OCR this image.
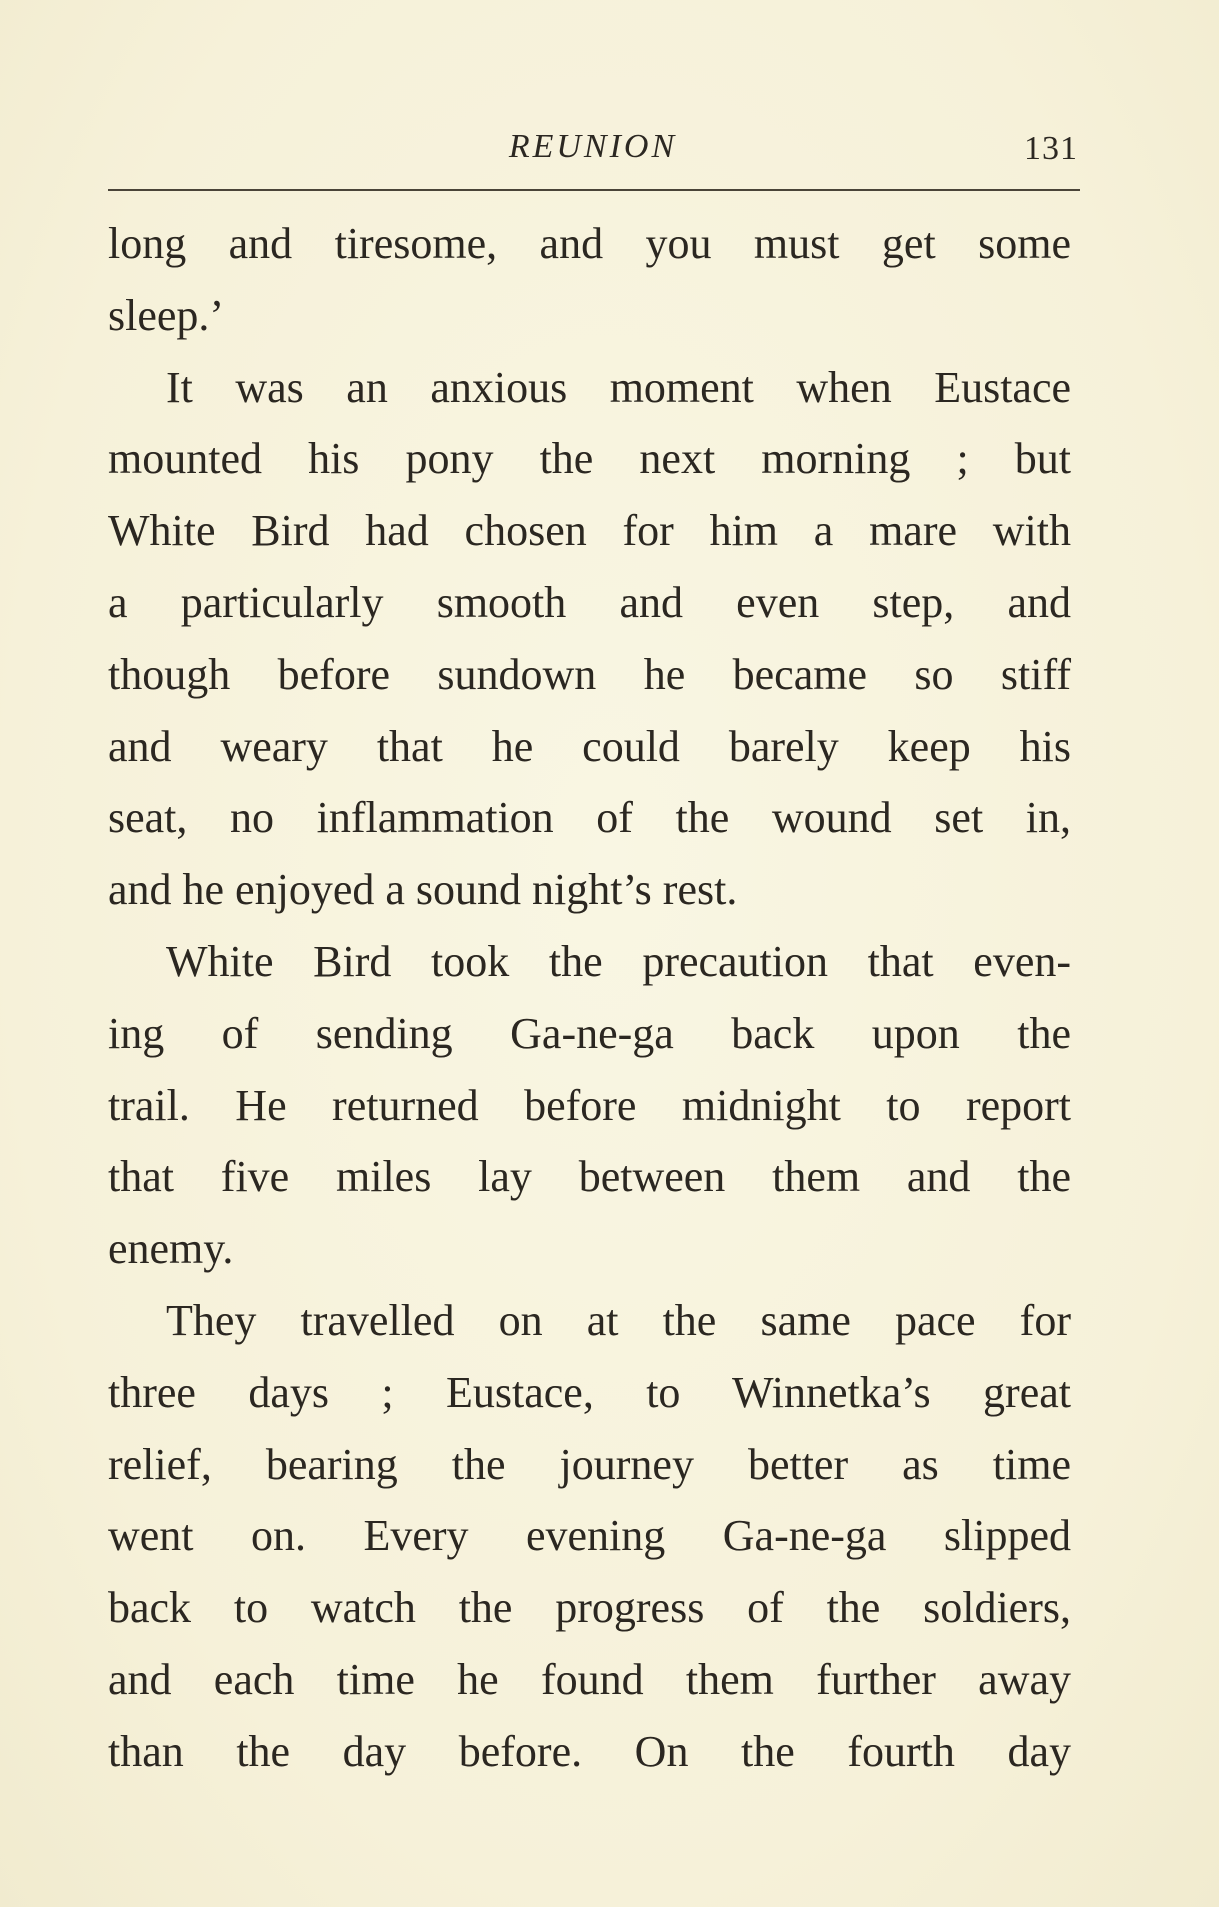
REUNION	131
long and tiresome, and you must get some
sleep.’
It was an anxious moment when Eustace
mounted his pony the next morning ; but
White Bird had chosen for him a mare with
a particularly smooth and even step, and
though before sundown he became so stiff
and weary that he could barely keep his
seat, no inflammation of the wound set in,
and he enjoyed a sound night’s rest.
White Bird took the precaution that even-
ing of sending Ga-ne-ga back upon the
trail. He returned before midnight to report
that five miles lay between them and the
enemy.
They travelled on at the same pace for
three days ; Eustace, to Winnetka’s great
relief, bearing the journey better as time
went on. Every evening Ga-ne-ga slipped
back to watch the progress of the soldiers,
and each time he found them further away
than the day before. On the fourth day
